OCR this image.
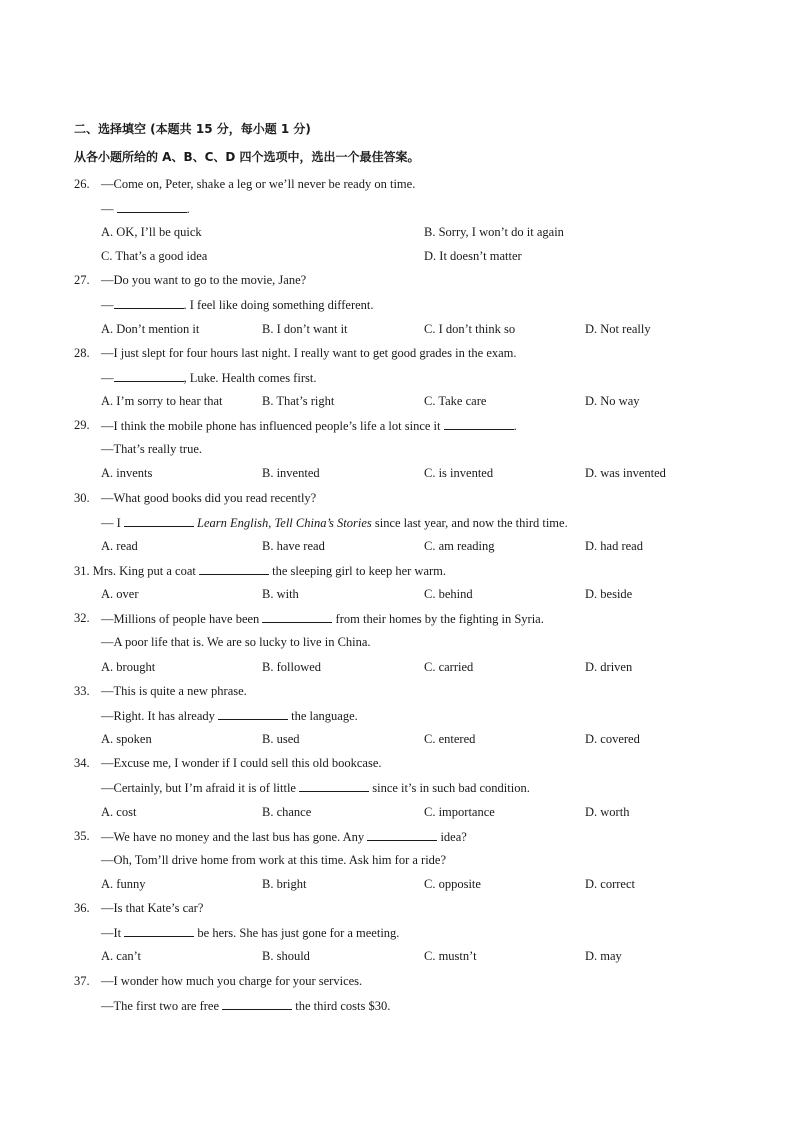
二、选择填空 (本题共 15 分，每小题 1 分)
从各小题所给的 A、B、C、D 四个选项中，选出一个最佳答案。
26. —Come on, Peter, shake a leg or we’ll never be ready on time.
—	.
A. OK, I’ll be quick	B. Sorry, I won’t do it again
C. That’s a good idea	D. It doesn’t matter
27. —Do you want to go to the movie, Jane?
—	. I feel like doing something different.
A. Don’t mention it	B. I don’t want it	C. I don’t think so	D. Not really
28. —I just slept for four hours last night. I really want to get good grades in the exam.
—	, Luke. Health comes first.
A. I’m sorry to hear that	B. That’s right	C. Take care	D. No way
29. —I think the mobile phone has influenced people’s life a lot since it	.
—That’s really true.
A. invents	B. invented	C. is invented	D. was invented
30. —What good books did you read recently?
— I	Learn English, Tell China’s Stories since last year, and now the third time.
A. read	B. have read	C. am reading	D. had read
31. Mrs. King put a coat	the sleeping girl to keep her warm.
A. over	B. with	C. behind	D. beside
32. —Millions of people have been	from their homes by the fighting in Syria.
—A poor life that is. We are so lucky to live in China.
A. brought	B. followed	C. carried	D. driven
33. —This is quite a new phrase.
—Right. It has already	the language.
A. spoken	B. used	C. entered	D. covered
34. —Excuse me, I wonder if I could sell this old bookcase.
—Certainly, but I’m afraid it is of little	since it’s in such bad condition.
A. cost	B. chance	C. importance	D. worth
35. —We have no money and the last bus has gone. Any	idea?
—Oh, Tom’ll drive home from work at this time. Ask him for a ride?
A. funny	B. bright	C. opposite	D. correct
36. —Is that Kate’s car?
—It	be hers. She has just gone for a meeting.
A. can’t	B. should	C. mustn’t	D. may
37. —I wonder how much you charge for your services.
—The first two are free	the third costs $30.
